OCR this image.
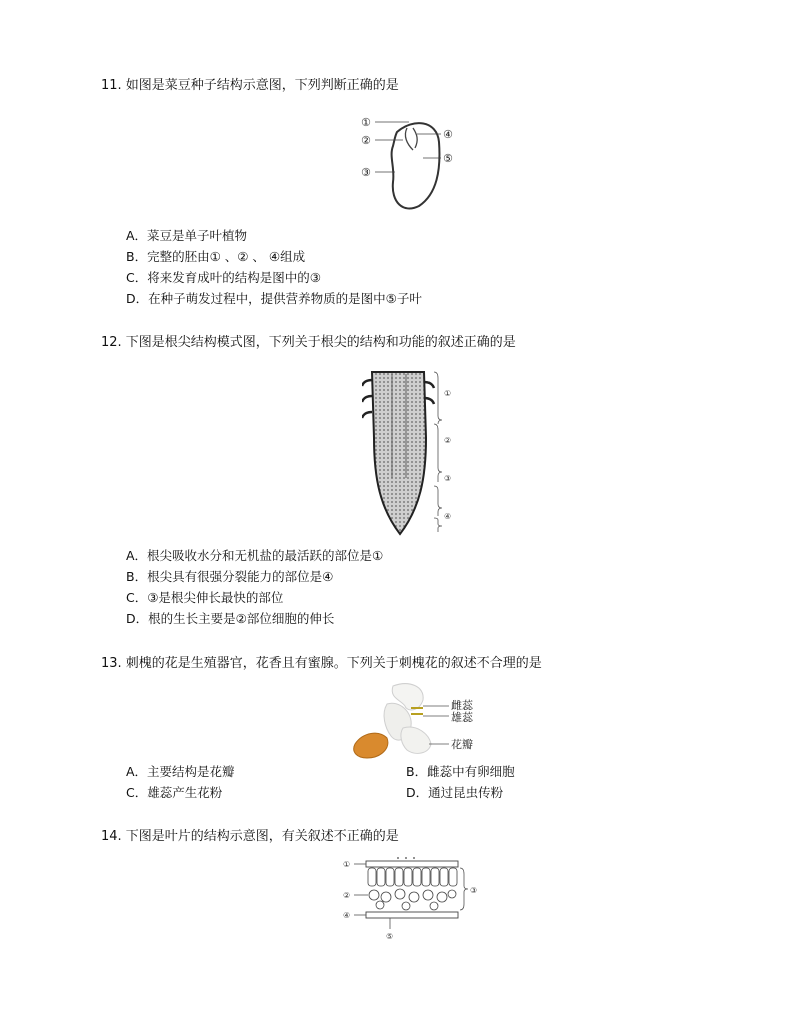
11. 如图是菜豆种子结构示意图，下列判断正确的是
①
②
③
④
⑤
A．菜豆是单子叶植物
B．完整的胚由① 、② 、 ④组成
C．将来发育成叶的结构是图中的③
D．在种子萌发过程中，提供营养物质的是图中⑤子叶
12. 下图是根尖结构模式图，下列关于根尖的结构和功能的叙述正确的是
①
②
③
④
A．根尖吸收水分和无机盐的最活跃的部位是①
B．根尖具有很强分裂能力的部位是④
C．③是根尖伸长最快的部位
D．根的生长主要是②部位细胞的伸长
13. 刺槐的花是生殖器官，花香且有蜜腺。下列关于刺槐花的叙述不合理的是
雌蕊
雄蕊
花瓣
A．主要结构是花瓣	B．雌蕊中有卵细胞
C．雄蕊产生花粉	D．通过昆虫传粉
14. 下图是叶片的结构示意图，有关叙述不正确的是
①
②
③
④
⑤
